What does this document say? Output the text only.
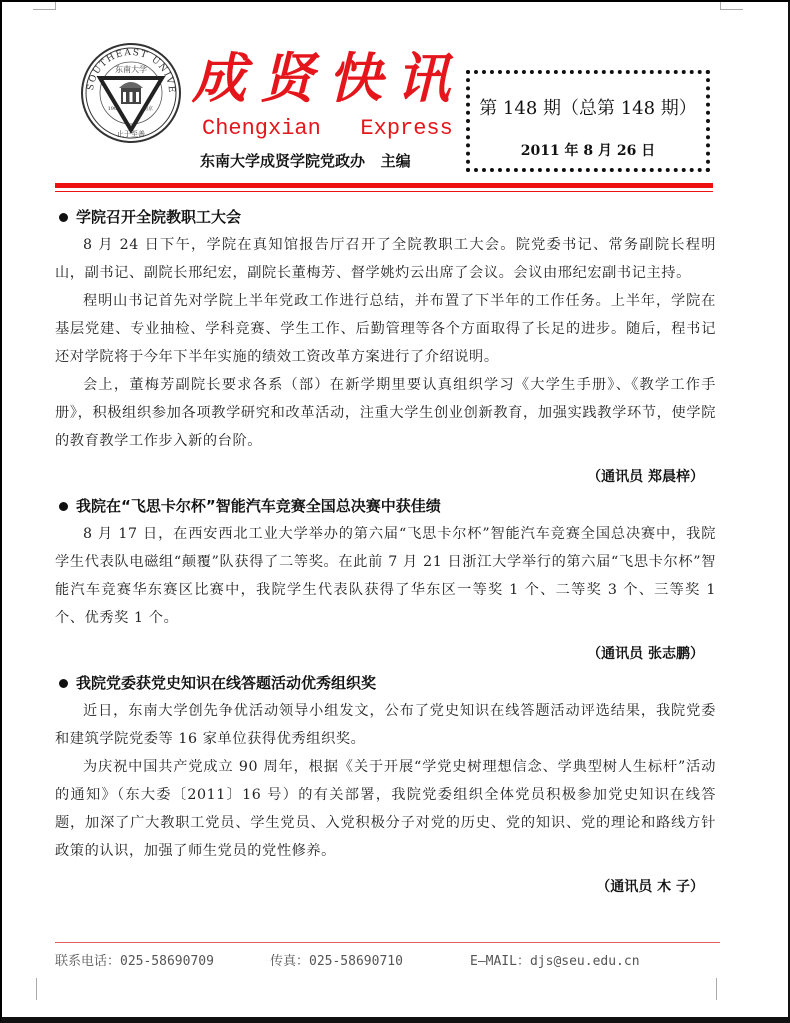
SOUTHEAST UNIVE
东南大学
1902	南京
止于至善
成贤快讯
Chengxian   Express
东南大学成贤学院党政办   主编
第 148 期（总第 148 期）
2011 年 8 月 26 日
学院召开全院教职工大会

8 月 24 日下午，学院在真知馆报告厅召开了全院教职工大会。院党委书记、常务副院长程明山，副书记、副院长邢纪宏，副院长董梅芳、督学姚灼云出席了会议。会议由邢纪宏副书记主持。

程明山书记首先对学院上半年党政工作进行总结，并布置了下半年的工作任务。上半年，学院在基层党建、专业抽检、学科竞赛、学生工作、后勤管理等各个方面取得了长足的进步。随后，程书记还对学院将于今年下半年实施的绩效工资改革方案进行了介绍说明。

会上，董梅芳副院长要求各系（部）在新学期里要认真组织学习《大学生手册》、《教学工作手册》，积极组织参加各项教学研究和改革活动，注重大学生创业创新教育，加强实践教学环节，使学院的教育教学工作步入新的台阶。

（通讯员 郑晨梓）
我院在“飞思卡尔杯”智能汽车竞赛全国总决赛中获佳绩

8 月 17 日，在西安西北工业大学举办的第六届“飞思卡尔杯”智能汽车竞赛全国总决赛中，我院学生代表队电磁组“颠覆”队获得了二等奖。在此前 7 月 21 日浙江大学举行的第六届“飞思卡尔杯”智能汽车竞赛华东赛区比赛中，我院学生代表队获得了华东区一等奖 1 个、二等奖 3 个、三等奖 1 个、优秀奖 1 个。

（通讯员 张志鹏）
我院党委获党史知识在线答题活动优秀组织奖

近日，东南大学创先争优活动领导小组发文，公布了党史知识在线答题活动评选结果，我院党委和建筑学院党委等 16 家单位获得优秀组织奖。

为庆祝中国共产党成立 90 周年，根据《关于开展“学党史树理想信念、学典型树人生标杆”活动的通知》（东大委〔2011〕16 号）的有关部署，我院党委组织全体党员积极参加党史知识在线答题，加深了广大教职工党员、学生党员、入党积极分子对党的历史、党的知识、党的理论和路线方针政策的认识，加强了师生党员的党性修养。

（通讯员 木 子）
联系电话：025-58690709	传真：025-58690710	E—MAIL：djs@seu.edu.cn
